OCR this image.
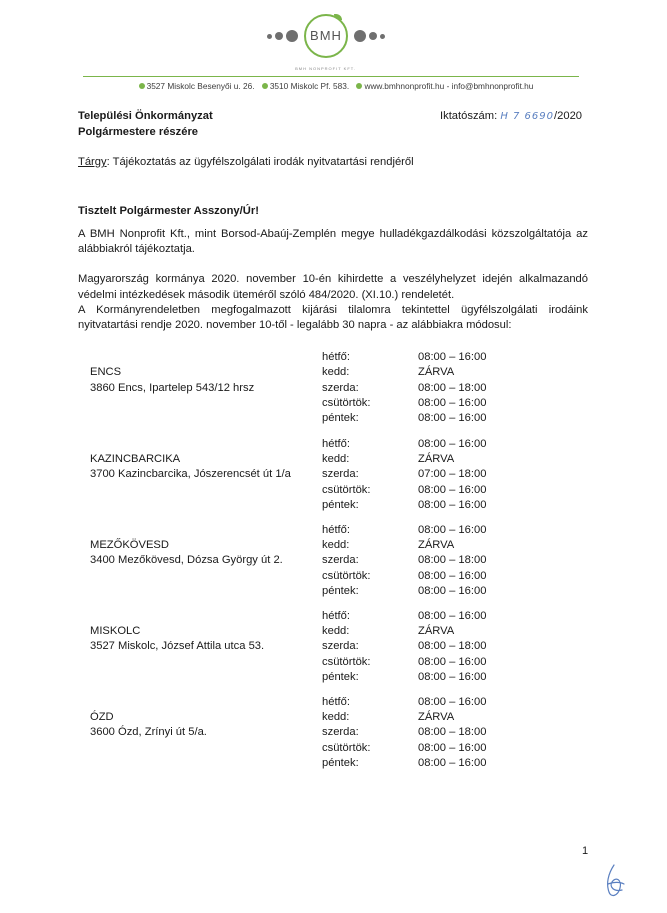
BMH
BMH NONPROFIT KFT.
3527 Miskolc Besenyői u. 26. 3510 Miskolc Pf. 583. www.bmhnonprofit.hu - info@bmhnonprofit.hu
Települési Önkormányzat
Polgármestere részére
Iktatószám: H 7 6690/2020
Tárgy: Tájékoztatás az ügyfélszolgálati irodák nyitvatartási rendjéről
Tisztelt Polgármester Asszony/Úr!
A BMH Nonprofit Kft., mint Borsod-Abaúj-Zemplén megye hulladékgazdálkodási közszolgáltatója az
alábbiakról tájékoztatja.
Magyarország kormánya 2020. november 10-én kihirdette a veszélyhelyzet idején alkalmazandó
védelmi intézkedések második üteméről szóló 484/2020. (XI.10.) rendeletét.
A Kormányrendeletben megfogalmazott kijárási tilalomra tekintettel ügyfélszolgálati irodáink
nyitvatartási rendje 2020. november 10-től - legalább 30 napra - az alábbiakra módosul:
ENCS
3860 Encs, Ipartelep 543/12 hrsz
hétfő:	08:00 – 16:00
kedd:	ZÁRVA
szerda:	08:00 – 18:00
csütörtök:	08:00 – 16:00
péntek:	08:00 – 16:00
KAZINCBARCIKA
3700 Kazincbarcika, Jószerencsét út 1/a
hétfő:	08:00 – 16:00
kedd:	ZÁRVA
szerda:	07:00 – 18:00
csütörtök:	08:00 – 16:00
péntek:	08:00 – 16:00
MEZŐKÖVESD
3400 Mezőkövesd, Dózsa György út 2.
hétfő:	08:00 – 16:00
kedd:	ZÁRVA
szerda:	08:00 – 18:00
csütörtök:	08:00 – 16:00
péntek:	08:00 – 16:00
MISKOLC
3527 Miskolc, József Attila utca 53.
hétfő:	08:00 – 16:00
kedd:	ZÁRVA
szerda:	08:00 – 18:00
csütörtök:	08:00 – 16:00
péntek:	08:00 – 16:00
ÓZD
3600 Ózd, Zrínyi út 5/a.
hétfő:	08:00 – 16:00
kedd:	ZÁRVA
szerda:	08:00 – 18:00
csütörtök:	08:00 – 16:00
péntek:	08:00 – 16:00
1
